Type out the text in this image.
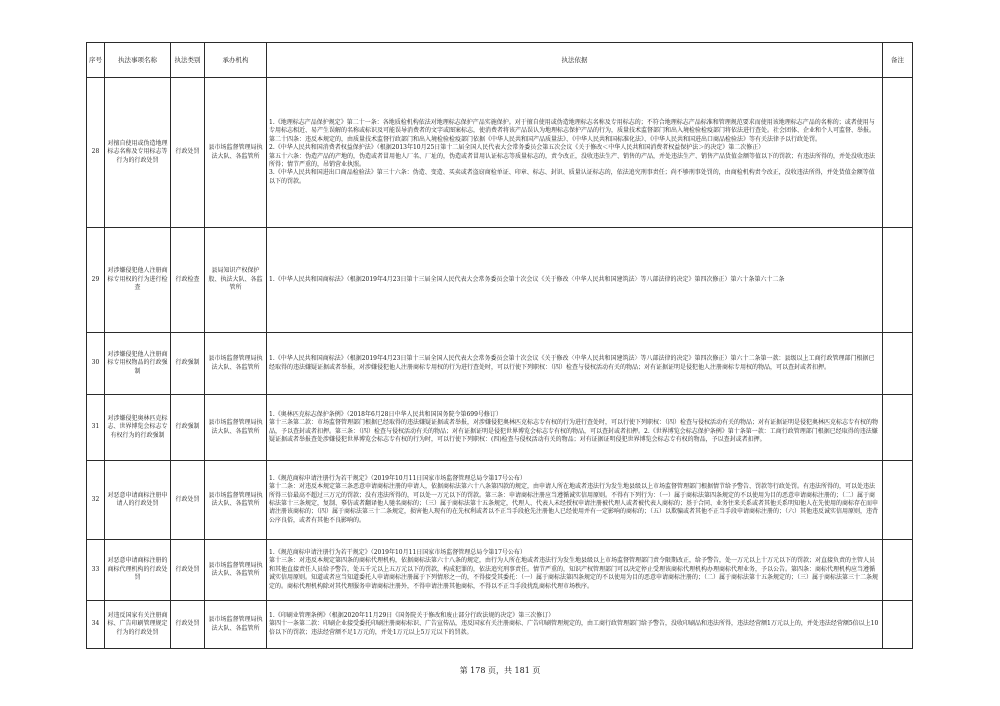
序号	执法事项名称	执法类别	承办机构	执法依据	备注
28	对擅自使用或伪造地理标志名称及专用标志等行为的行政处罚	行政处罚	县市场监督管理局执法大队、各监管所	1.《地理标志产品保护规定》第二十一条：各地质检机构依法对地理标志保护产品实施保护。对于擅自使用或伪造地理标志名称及专用标志的；不符合地理标志产品标准和管理规范要求而使用该地理标志产品的名称的；或者使用与专用标志相近、易产生误解的名称或标识及可能误导消费者的文字或图案标志，使消费者将该产品误认为地理标志保护产品的行为，质量技术监督部门和出入境检验检疫部门将依法进行查处。社会团体、企业和个人可监督、举报。第二十四条：违反本规定的，由质量技术监督行政部门和出入境检验检疫部门依据《中华人民共和国产品质量法》、《中华人民共和国标准化法》、《中华人民共和国进出口商品检验法》等有关法律予以行政处罚。

2.《中华人民共和国消费者权益保护法》（根据2013年10月25日第十二届全国人民代表大会常务委员会第五次会议《关于修改＜中华人民共和国消费者权益保护法＞的决定》第二次修正）

第五十六条：伪造产品的产地的，伪造或者冒用他人厂名、厂址的，伪造或者冒用认证标志等质量标志的，责令改正，没收违法生产、销售的产品，并处违法生产、销售产品货值金额等值以下的罚款；有违法所得的，并处没收违法所得；情节严重的，吊销营业执照。

3.《中华人民共和国进出口商品检验法》第三十六条：伪造、变造、买卖或者盗窃商检单证、印章、标志、封识、质量认证标志的，依法追究刑事责任；尚不够刑事处罚的，由商检机构责令改正，没收违法所得，并处货值金额等值以下的罚款。	

29	对涉嫌侵犯他人注册商标专用权的行为进行检查	行政检查	县局知识产权保护股、执法大队、各监管所	1.《中华人民共和国商标法》（根据2019年4月23日第十三届全国人民代表大会常务委员会第十次会议《关于修改〈中华人民共和国建筑法〉等八部法律的决定》第四次修正）第六十条第六十二条	

30	对涉嫌侵犯他人注册商标专用权物品的行政强制	行政强制	县市场监督管理局执法大队、各监管所	1.《中华人民共和国商标法》（根据2019年4月23日第十三届全国人民代表大会常务委员会第十次会议《关于修改〈中华人民共和国建筑法〉等八部法律的决定》第四次修正）第六十二条第一款：县级以上工商行政管理部门根据已经取得的违法嫌疑证据或者举报，对涉嫌侵犯他人注册商标专用权的行为进行查处时，可以行使下列职权：（四）检查与侵权活动有关的物品；对有证据证明是侵犯他人注册商标专用权的物品，可以查封或者扣押。	

31	对涉嫌侵犯奥林匹克标志、世界博览会标志专有权行为的行政强制	行政强制	县市场监督管理局执法大队、各监管所	1.《奥林匹克标志保护条例》（2018年6月28日中华人民共和国国务院令第699号修订）

第十三条第二款：市场监督管理部门根据已经取得的违法嫌疑证据或者举报，对涉嫌侵犯奥林匹克标志专有权的行为进行查处时，可以行使下列职权：（四）检查与侵权活动有关的物品；对有证据证明是侵犯奥林匹克标志专有权的物品，予以查封或者扣押。第三条：（四）检查与侵权活动有关的物品；对有证据证明是侵犯世界博览会标志专有权的物品，可以查封或者扣押。2.《世界博览会标志保护条例》第十条第一款：工商行政管理部门根据已经取得的违法嫌疑证据或者举报查处涉嫌侵犯世界博览会标志专有权的行为时，可以行使下列职权：(四)检查与侵权活动有关的物品；对有证据证明侵犯世界博览会标志专有权的物品，予以查封或者扣押。	

32	对恶意申请商标注册申请人的行政处罚	行政处罚	县市场监督管理局执法大队、各监管所	1.《规范商标申请注册行为若干规定》（2019年10月11日国家市场监督管理总局令第17号公布）

第十二条：对违反本规定第三条恶意申请商标注册的申请人，依据商标法第六十八条第四款的规定，由申请人所在地或者违法行为发生地县级以上市场监督管理部门根据情节给予警告、罚款等行政处罚。有违法所得的，可以处违法所得三倍最高不超过三万元的罚款；没有违法所得的，可以处一万元以下的罚款。第三条：申请商标注册应当遵循诚实信用原则。不得有下列行为：（一）属于商标法第四条规定的不以使用为目的恶意申请商标注册的；（二）属于商标法第十三条规定，复制、摹仿或者翻译他人驰名商标的；（三）属于商标法第十五条规定，代理人、代表人未经授权申请注册被代理人或者被代表人商标的；基于合同、业务往来关系或者其他关系明知他人在先使用的商标存在而申请注册该商标的；（四）属于商标法第三十二条规定，损害他人现有的在先权利或者以不正当手段抢先注册他人已经使用并有一定影响的商标的；（五）以欺骗或者其他不正当手段申请商标注册的；（六）其他违反诚实信用原则，违背公序良俗，或者有其他不良影响的。	

33	对恶意申请商标注册的商标代理机构的行政处罚	行政处罚	县市场监督管理局执法大队、各监管所	1.《规范商标申请注册行为若干规定》（2019年10月11日国家市场监督管理总局令第17号公布）

第十三条：对违反本规定第四条的商标代理机构，依据商标法第六十八条的规定，由行为人所在地或者违法行为发生地县级以上市场监督管理部门责令限期改正，给予警告，处一万元以上十万元以下的罚款；对直接负责的主管人员和其他直接责任人员给予警告，处五千元以上五万元以下的罚款，构成犯罪的，依法追究刑事责任。情节严重的，知识产权管理部门可以决定停止受理该商标代理机构办理商标代理业务，予以公告。第四条：商标代理机构应当遵循诚实信用原则。知道或者应当知道委托人申请商标注册属于下列情形之一的，不得接受其委托：（一）属于商标法第四条规定的不以使用为目的恶意申请商标注册的；（二）属于商标法第十五条规定的；（三）属于商标法第三十二条规定的。商标代理机构除对其代理服务申请商标注册外，不得申请注册其他商标，不得以不正当手段扰乱商标代理市场秩序。	

34	对违反国家有关注册商标、广告印刷管理规定行为的行政处罚	行政处罚	县市场监督管理局执法大队、各监管所	1.《印刷业管理条例》（根据2020年11月29日《国务院关于修改和废止部分行政法规的决定》第三次修订）

第四十一条第二款：印刷企业接受委托印刷注册商标标识、广告宣传品，违反国家有关注册商标、广告印刷管理规定的，由工商行政管理部门给予警告，没收印刷品和违法所得，违法经营额1万元以上的，并处违法经营额5倍以上10倍以下的罚款；违法经营额不足1万元的，并处1万元以上5万元以下的罚款。	

第 178 页，共 181 页
